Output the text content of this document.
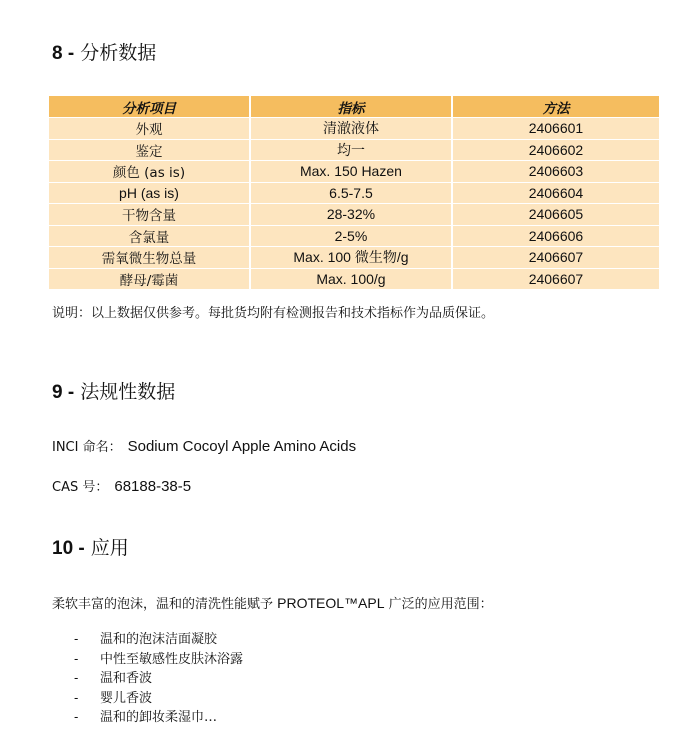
8 - 分析数据
分析项目	指标	方法
外观	清澈液体	2406601
鉴定	均一	2406602
颜色 (as is)	Max. 150 Hazen	2406603
pH (as is)	6.5-7.5	2406604
干物含量	28-32%	2406605
含氯量	2-5%	2406606
需氧微生物总量	Max. 100 微生物/g	2406607
酵母/霉菌	Max. 100/g	2406607
说明：以上数据仅供参考。每批货均附有检测报告和技术指标作为品质保证。
9 - 法规性数据
INCI 命名： Sodium Cocoyl Apple Amino Acids
CAS 号： 68188-38-5
10 - 应用
柔软丰富的泡沫，温和的清洗性能赋予 PROTEOL™APL 广泛的应用范围：
- 温和的泡沫洁面凝胶
- 中性至敏感性皮肤沐浴露
- 温和香波
- 婴儿香波
- 温和的卸妆柔湿巾…
